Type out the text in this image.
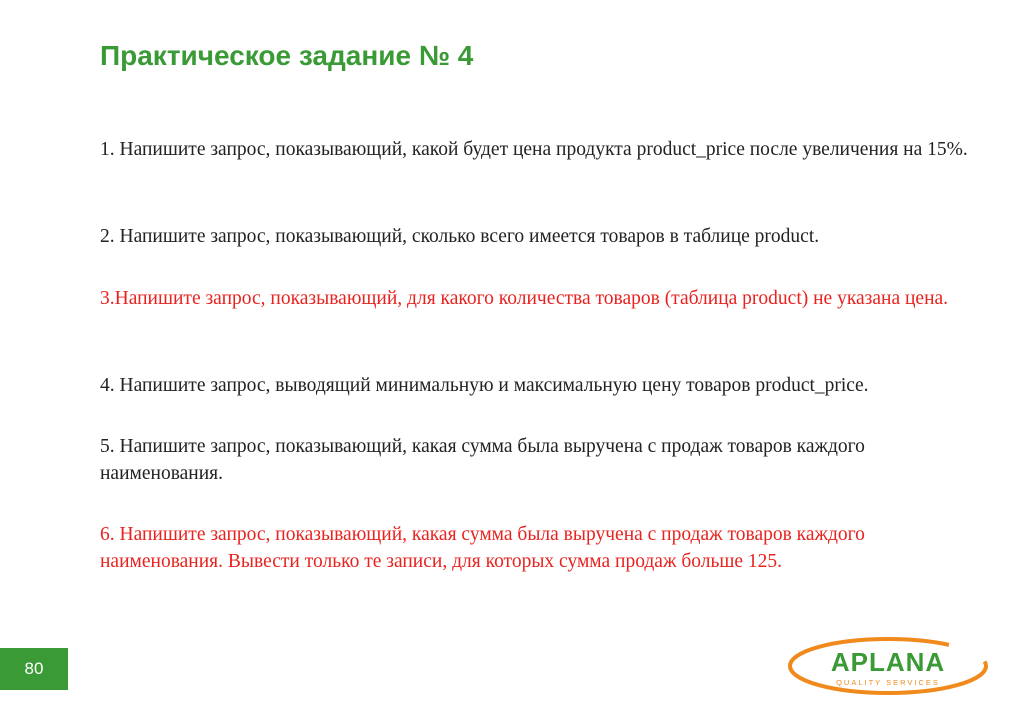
Практическое задание № 4

1. Напишите запрос, показывающий, какой будет цена продукта product_price после увеличения на 15%.

2. Напишите запрос, показывающий, сколько всего имеется товаров в таблице product.

3.Напишите запрос, показывающий, для какого количества товаров (таблица product) не указана цена.

4. Напишите запрос, выводящий минимальную и максимальную цену товаров product_price.

5. Напишите запрос, показывающий, какая сумма была выручена с продаж товаров каждого наименования.

6. Напишите запрос, показывающий, какая сумма была выручена с продаж товаров каждого наименования. Вывести только те записи, для которых сумма продаж больше 125.

80	APLANA
QUALITY SERVICES
